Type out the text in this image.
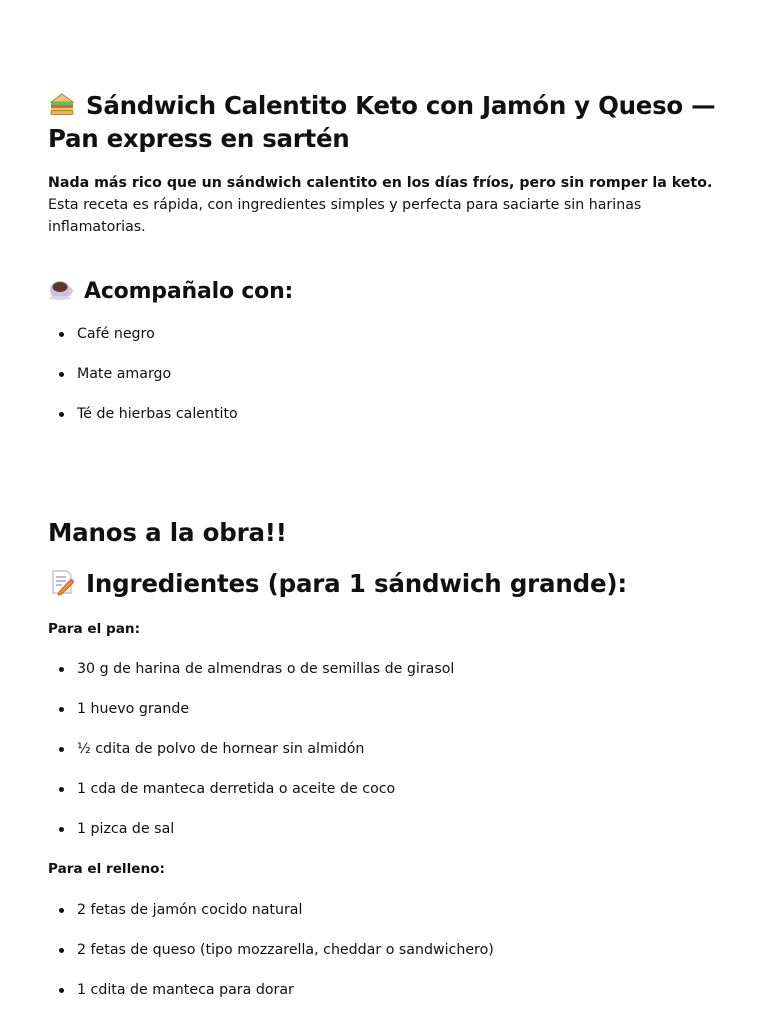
Sándwich Calentito Keto con Jamón y Queso — Pan express en sartén

Nada más rico que un sándwich calentito en los días fríos, pero sin romper la keto. Esta receta es rápida, con ingredientes simples y perfecta para saciarte sin harinas inflamatorias.

Acompañalo con:
Café negro
Mate amargo
Té de hierbas calentito
Manos a la obra!!
Ingredientes (para 1 sándwich grande):

Para el pan:

30 g de harina de almendras o de semillas de girasol
1 huevo grande
½ cdita de polvo de hornear sin almidón
1 cda de manteca derretida o aceite de coco
1 pizca de sal

Para el relleno:

2 fetas de jamón cocido natural
2 fetas de queso (tipo mozzarella, cheddar o sandwichero)
1 cdita de manteca para dorar
